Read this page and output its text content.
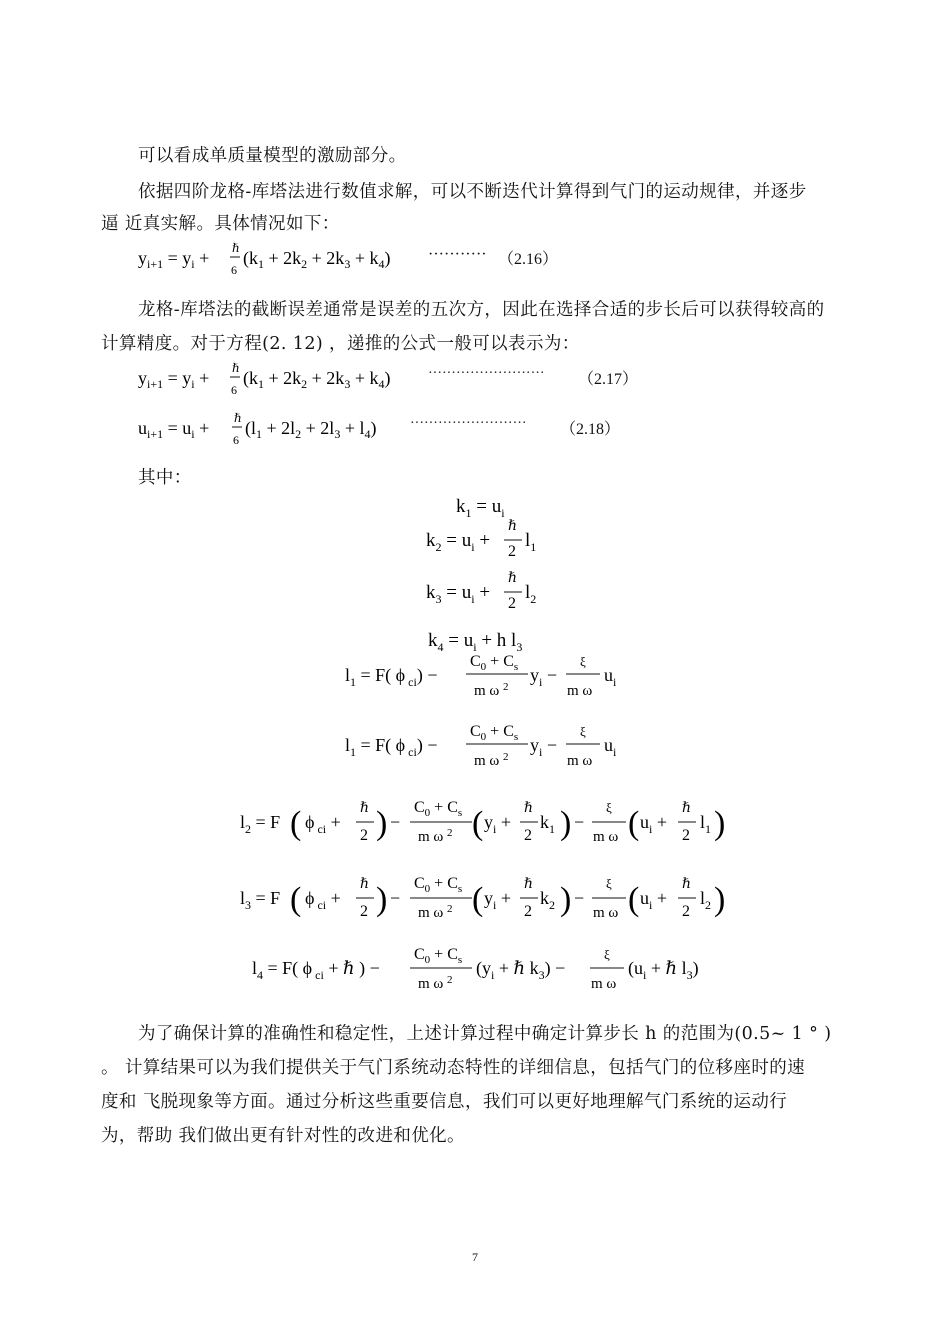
可以看成单质量模型的激励部分。
依据四阶龙格-库塔法进行数值求解，可以不断迭代计算得到气门的运动规律，并逐步
逼 近真实解。具体情况如下：
$y_{i+1} = y_i$ + ℏ
6
$(k_1 + 2k_2 + 2k_3 + k_4)$ ··········· （2.16）
龙格-库塔法的截断误差通常是误差的五次方，因此在选择合适的步长后可以获得较高的
计算精度。对于方程(2. 12) ，递推的公式一般可以表示为：
$y_{i+1} = y_i$ + ℏ
6
$(k_1 + 2k_2 + 2k_3 + k_4)$	························· （2.17）
$u_{i+1} = u_i$ + ℏ
6
$(l_1 + 2l_2 + 2l_3 + l_4)$ ························· （2.18）
其中：
$k_1 = u_i$
$k_2 = u_i$ +
ℏ
2
$l_1$
$k_3 = u_i$ +
ℏ
2
$l_2$
$k_4 = u_i + h$ $l_3$
$l_1 = F$( ϕ $_{ci}$) −
$C_0 + C_s$
m ω $^2$
$y_i$ −
ξ
m ω
$u_i$
$l_1 = F$( ϕ $_{ci}$) −
$C_0 + C_s$
m ω $^2$
$y_i$ −
ξ
m ω
$u_i$
$l_2 = F$ ( ϕ $_{ci}$ +
ℏ
2 ) −
$C_0 + C_s$
m ω $^2$ ( $y_i$ +
ℏ
2
$k_1$ ) −
ξ
m ω ( $u_i$ +
ℏ
2
$l_1$ )
$l_3 = F$ ( ϕ $_{ci}$ +
ℏ
2 ) −
$C_0 + C_s$
m ω $^2$ ( $y_i$ +
ℏ
2
$k_2$ ) −
ξ
m ω ( $u_i$ +
ℏ
2
$l_2$ )
$l_4 = F$( ϕ $_{ci}$ + ℏ ) −
$C_0 + C_s$
m ω $^2$
($y_i$ + ℏ $k_3$) −
ξ
m ω
($u_i$ + ℏ $l_3$)
为了确保计算的准确性和稳定性，上述计算过程中确定计算步长 h 的范围为(0.5~ 1 ° )
。 计算结果可以为我们提供关于气门系统动态特性的详细信息，包括气门的位移座时的速
度和 飞脱现象等方面。通过分析这些重要信息，我们可以更好地理解气门系统的运动行
为，帮助 我们做出更有针对性的改进和优化。
7
